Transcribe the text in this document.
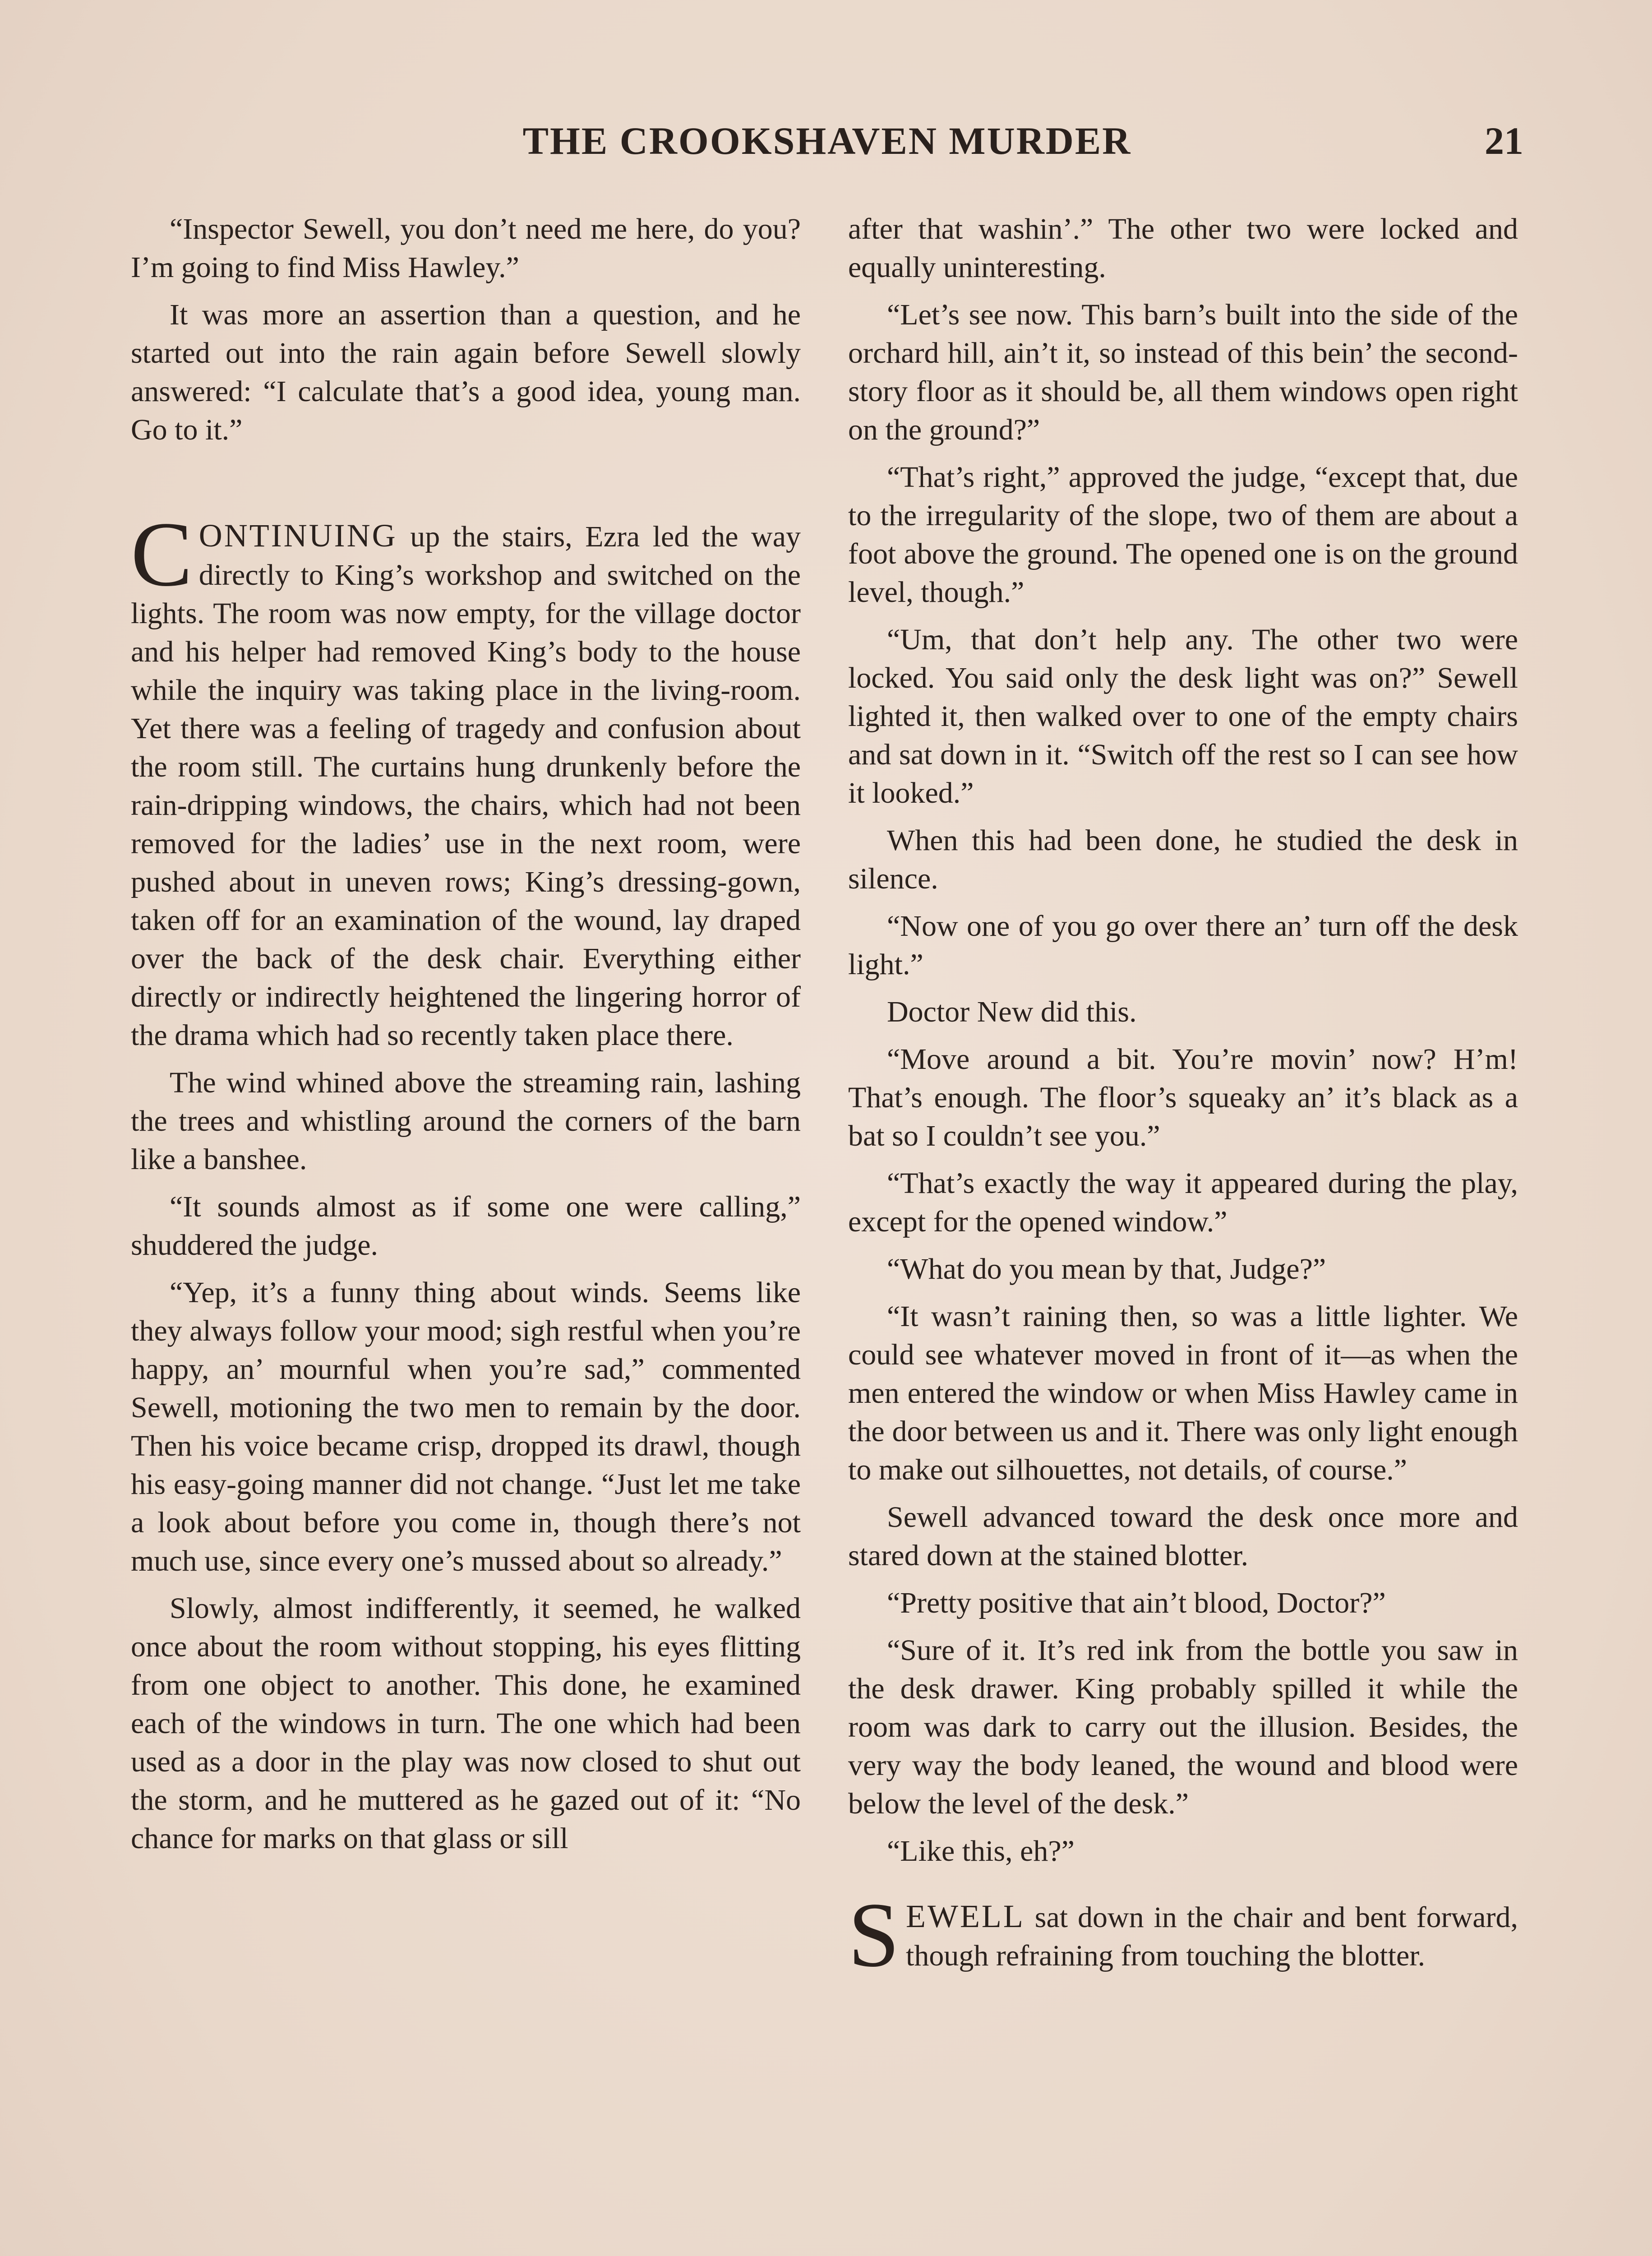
THE CROOKSHAVEN MURDER	21

“Inspector Sewell, you don’t need me here, do you? I’m going to find Miss Hawley.”

It was more an assertion than a question, and he started out into the rain again before Sewell slowly answered: “I calculate that’s a good idea, young man. Go to it.”

CONTINUING up the stairs, Ezra led the way directly to King’s workshop and switched on the lights. The room was now empty, for the village doctor and his helper had removed King’s body to the house while the inquiry was taking place in the living-room. Yet there was a feeling of tragedy and confusion about the room still. The curtains hung drunkenly before the rain-dripping windows, the chairs, which had not been removed for the ladies’ use in the next room, were pushed about in uneven rows; King’s dressing-gown, taken off for an examination of the wound, lay draped over the back of the desk chair. Everything either directly or indirectly heightened the lingering horror of the drama which had so recently taken place there.

The wind whined above the streaming rain, lashing the trees and whistling around the corners of the barn like a banshee.

“It sounds almost as if some one were calling,” shuddered the judge.

“Yep, it’s a funny thing about winds. Seems like they always follow your mood; sigh restful when you’re happy, an’ mournful when you’re sad,” commented Sewell, motioning the two men to remain by the door. Then his voice became crisp, dropped its drawl, though his easy-going manner did not change. “Just let me take a look about before you come in, though there’s not much use, since every one’s mussed about so already.”

Slowly, almost indifferently, it seemed, he walked once about the room without stopping, his eyes flitting from one object to another. This done, he examined each of the windows in turn. The one which had been used as a door in the play was now closed to shut out the storm, and he muttered as he gazed out of it: “No chance for marks on that glass or sill

after that washin’.” The other two were locked and equally uninteresting.

“Let’s see now. This barn’s built into the side of the orchard hill, ain’t it, so instead of this bein’ the second-story floor as it should be, all them windows open right on the ground?”

“That’s right,” approved the judge, “except that, due to the irregularity of the slope, two of them are about a foot above the ground. The opened one is on the ground level, though.”

“Um, that don’t help any. The other two were locked. You said only the desk light was on?” Sewell lighted it, then walked over to one of the empty chairs and sat down in it. “Switch off the rest so I can see how it looked.”

When this had been done, he studied the desk in silence.

“Now one of you go over there an’ turn off the desk light.”

Doctor New did this.

“Move around a bit. You’re movin’ now? H’m! That’s enough. The floor’s squeaky an’ it’s black as a bat so I couldn’t see you.”

“That’s exactly the way it appeared during the play, except for the opened window.”

“What do you mean by that, Judge?”

“It wasn’t raining then, so was a little lighter. We could see whatever moved in front of it—as when the men entered the window or when Miss Hawley came in the door between us and it. There was only light enough to make out silhouettes, not details, of course.”

Sewell advanced toward the desk once more and stared down at the stained blotter.

“Pretty positive that ain’t blood, Doctor?”

“Sure of it. It’s red ink from the bottle you saw in the desk drawer. King probably spilled it while the room was dark to carry out the illusion. Besides, the very way the body leaned, the wound and blood were below the level of the desk.”

“Like this, eh?”

SEWELL sat down in the chair and bent forward, though refraining from touching the blotter.
